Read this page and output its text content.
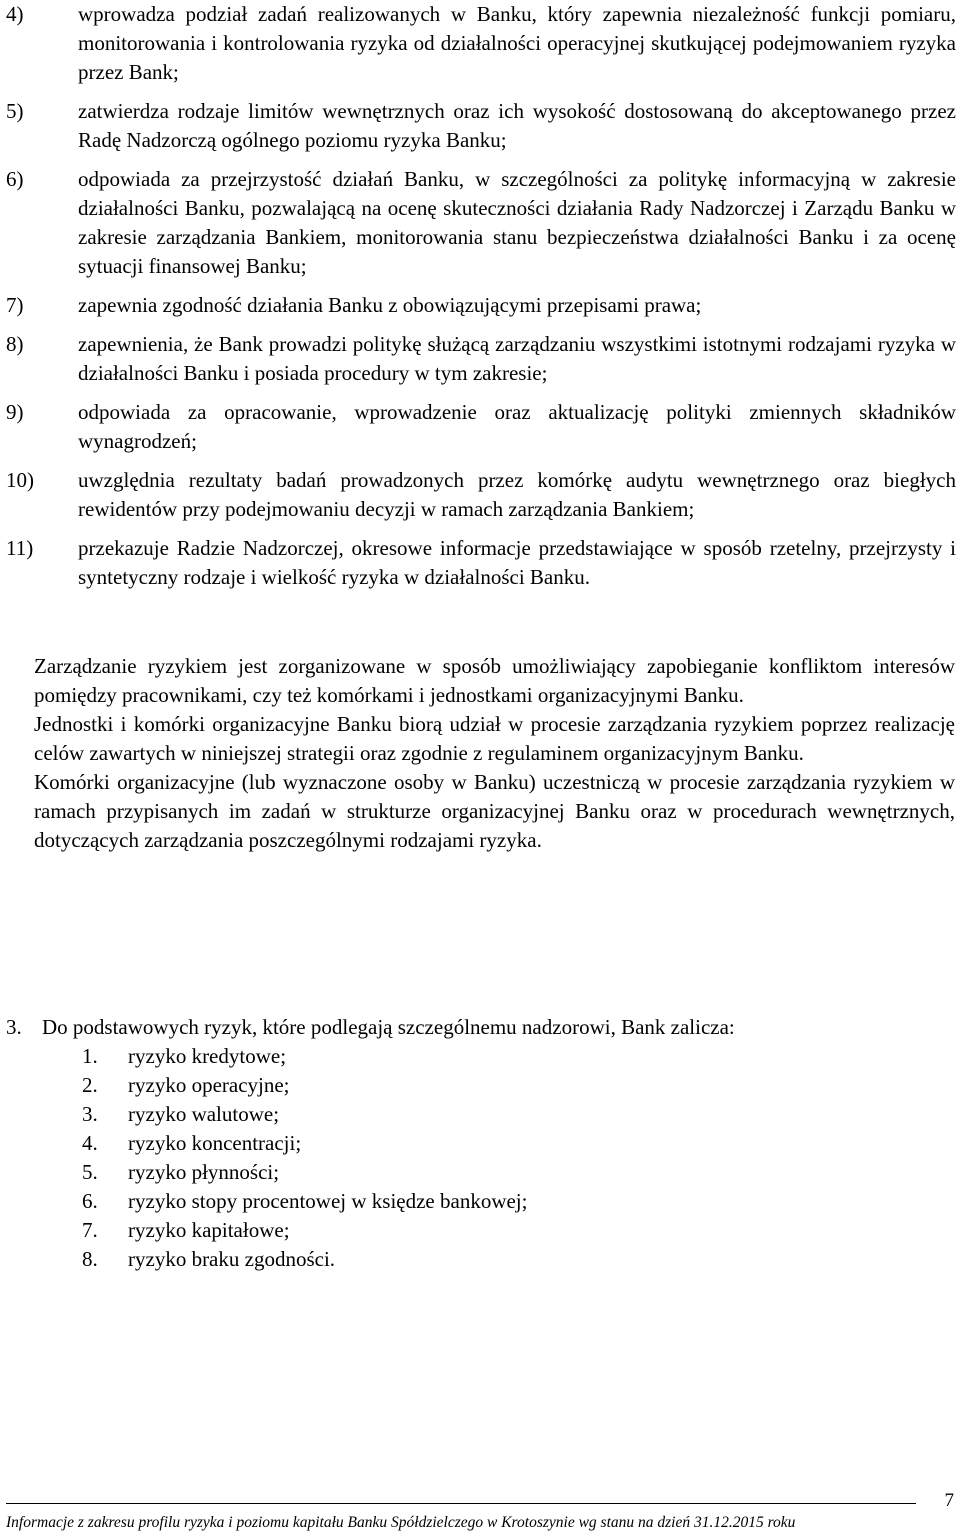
4)	wprowadza podział zadań realizowanych w Banku, który zapewnia niezależność funkcji pomiaru, monitorowania i kontrolowania ryzyka od działalności operacyjnej skutkującej podejmowaniem ryzyka przez Bank;
5)	zatwierdza rodzaje limitów wewnętrznych oraz ich wysokość dostosowaną do akceptowanego przez Radę Nadzorczą ogólnego poziomu ryzyka Banku;
6)	odpowiada za przejrzystość działań Banku, w szczególności za politykę informacyjną w zakresie działalności Banku, pozwalającą na ocenę skuteczności działania Rady Nadzorczej i Zarządu Banku w zakresie zarządzania Bankiem, monitorowania stanu bezpieczeństwa działalności Banku i za ocenę sytuacji finansowej Banku;
7)	zapewnia zgodność działania Banku z obowiązującymi przepisami prawa;
8)	zapewnienia, że Bank prowadzi politykę służącą zarządzaniu wszystkimi istotnymi rodzajami ryzyka w działalności Banku i posiada procedury w tym zakresie;
9)	odpowiada za opracowanie, wprowadzenie oraz aktualizację polityki zmiennych składników wynagrodzeń;
10)	uwzględnia rezultaty badań prowadzonych przez komórkę audytu wewnętrznego oraz biegłych rewidentów przy podejmowaniu decyzji w ramach zarządzania Bankiem;
11)	przekazuje Radzie Nadzorczej, okresowe informacje przedstawiające w sposób rzetelny, przejrzysty i syntetyczny rodzaje i wielkość ryzyka w działalności Banku.

Zarządzanie ryzykiem jest zorganizowane w sposób umożliwiający zapobieganie konfliktom interesów pomiędzy pracownikami, czy też komórkami i jednostkami organizacyjnymi Banku.

Jednostki i komórki organizacyjne Banku biorą udział w procesie zarządzania ryzykiem poprzez realizację celów zawartych w niniejszej strategii oraz zgodnie z regulaminem organizacyjnym Banku.

Komórki organizacyjne (lub wyznaczone osoby w Banku) uczestniczą w procesie zarządzania ryzykiem w ramach przypisanych im zadań w strukturze organizacyjnej Banku oraz w procedurach wewnętrznych, dotyczących zarządzania poszczególnymi rodzajami ryzyka.

3. Do podstawowych ryzyk, które podlegają szczególnemu nadzorowi, Bank zalicza:
1.	ryzyko kredytowe;
2.	ryzyko operacyjne;
3.	ryzyko walutowe;
4.	ryzyko koncentracji;
5.	ryzyko płynności;
6.	ryzyko stopy procentowej w księdze bankowej;
7.	ryzyko kapitałowe;
8.	ryzyko braku zgodności.
7
Informacje z zakresu profilu ryzyka i poziomu kapitału Banku Spółdzielczego w Krotoszynie wg stanu na dzień 31.12.2015 roku
